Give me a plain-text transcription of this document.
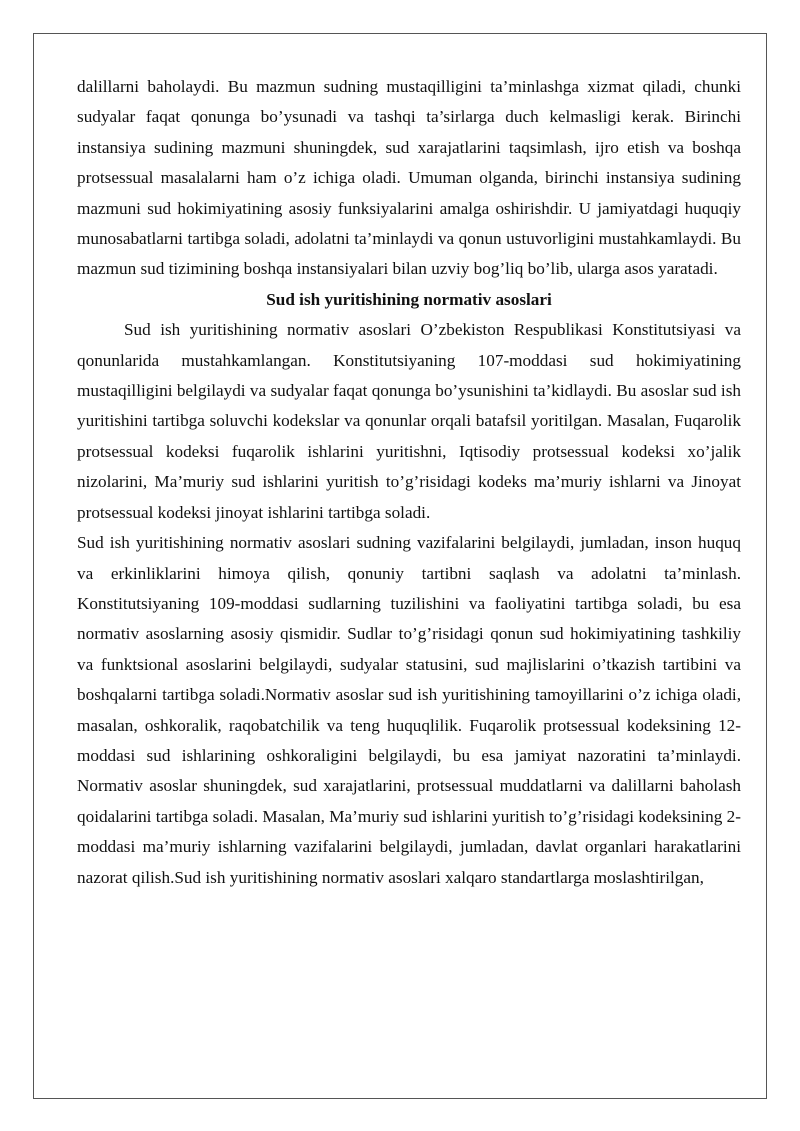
dalillarni baholaydi. Bu mazmun sudning mustaqilligini ta’minlashga xizmat qiladi, chunki sudyalar faqat qonunga bo’ysunadi va tashqi ta’sirlarga duch kelmasligi kerak. Birinchi instansiya sudining mazmuni shuningdek, sud xarajatlarini taqsimlash, ijro etish va boshqa protsessual masalalarni ham o’z ichiga oladi. Umuman olganda, birinchi instansiya sudining mazmuni sud hokimiyatining asosiy funksiyalarini amalga oshirishdir. U jamiyatdagi huquqiy munosabatlarni tartibga soladi, adolatni ta’minlaydi va qonun ustuvorligini mustahkamlaydi. Bu mazmun sud tizimining boshqa instansiyalari bilan uzviy bog’liq bo’lib, ularga asos yaratadi.

Sud ish yuritishining normativ asoslari

Sud ish yuritishining normativ asoslari O’zbekiston Respublikasi Konstitutsiyasi va qonunlarida mustahkamlangan. Konstitutsiyaning 107-moddasi sud hokimiyatining mustaqilligini belgilaydi va sudyalar faqat qonunga bo’ysunishini ta’kidlaydi. Bu asoslar sud ish yuritishini tartibga soluvchi kodekslar va qonunlar orqali batafsil yoritilgan. Masalan, Fuqarolik protsessual kodeksi fuqarolik ishlarini yuritishni, Iqtisodiy protsessual kodeksi xo’jalik nizolarini, Ma’muriy sud ishlarini yuritish to’g’risidagi kodeks ma’muriy ishlarni va Jinoyat protsessual kodeksi jinoyat ishlarini tartibga soladi.

Sud ish yuritishining normativ asoslari sudning vazifalarini belgilaydi, jumladan, inson huquq va erkinliklarini himoya qilish, qonuniy tartibni saqlash va adolatni ta’minlash. Konstitutsiyaning 109-moddasi sudlarning tuzilishini va faoliyatini tartibga soladi, bu esa normativ asoslarning asosiy qismidir. Sudlar to’g’risidagi qonun sud hokimiyatining tashkiliy va funktsional asoslarini belgilaydi, sudyalar statusini, sud majlislarini o’tkazish tartibini va boshqalarni tartibga soladi.Normativ asoslar sud ish yuritishining tamoyillarini o’z ichiga oladi, masalan, oshkoralik, raqobatchilik va teng huquqlilik. Fuqarolik protsessual kodeksining 12-moddasi sud ishlarining oshkoraligini belgilaydi, bu esa jamiyat nazoratini ta’minlaydi. Normativ asoslar shuningdek, sud xarajatlarini, protsessual muddatlarni va dalillarni baholash qoidalarini tartibga soladi. Masalan, Ma’muriy sud ishlarini yuritish to’g’risidagi kodeksining 2-moddasi ma’muriy ishlarning vazifalarini belgilaydi, jumladan, davlat organlari harakatlarini nazorat qilish.Sud ish yuritishining normativ asoslari xalqaro standartlarga moslashtirilgan,
